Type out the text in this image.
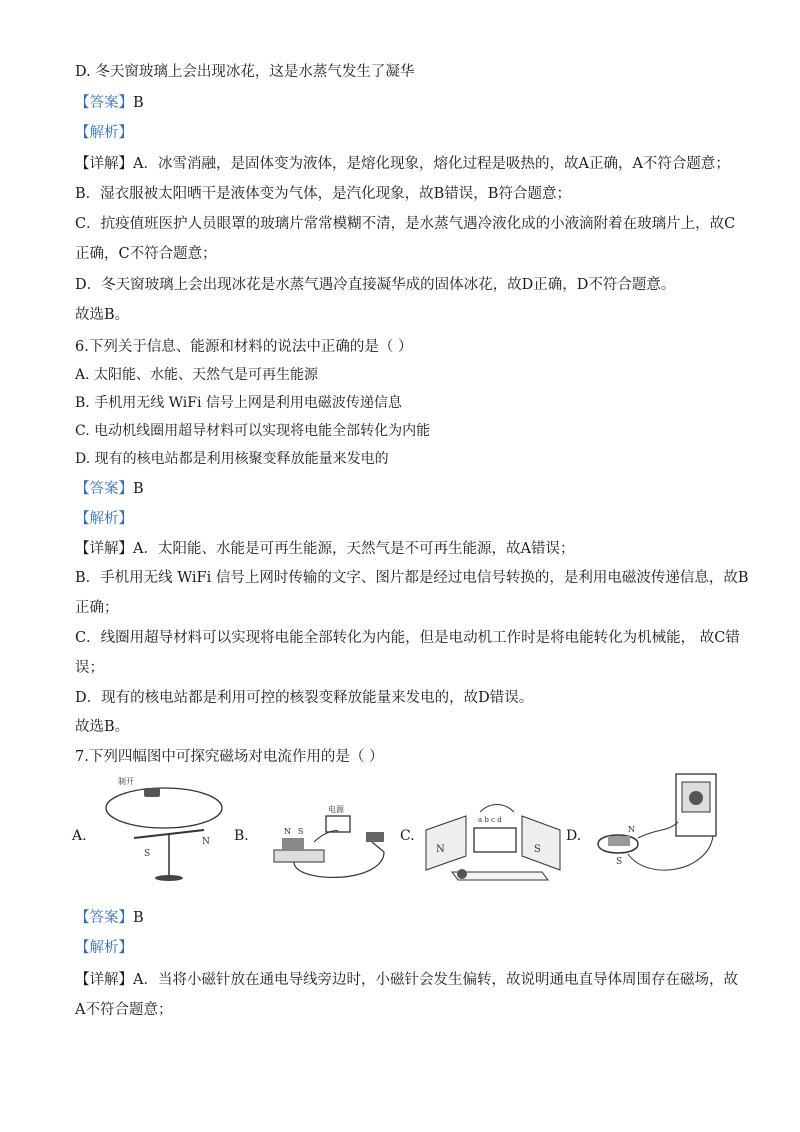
D. 冬天窗玻璃上会出现冰花，这是水蒸气发生了凝华
【答案】B
【解析】
【详解】A．冰雪消融，是固体变为液体，是熔化现象，熔化过程是吸热的，故A正确，A不符合题意；
B．湿衣服被太阳晒干是液体变为气体，是汽化现象，故B错误，B符合题意；
C．抗疫值班医护人员眼罩的玻璃片常常模糊不清，是水蒸气遇冷液化成的小液滴附着在玻璃片上，故C
正确，C不符合题意；
D．冬天窗玻璃上会出现冰花是水蒸气遇冷直接凝华成的固体冰花，故D正确，D不符合题意。
故选B。
6.下列关于信息、能源和材料的说法中正确的是（ ）
A. 太阳能、水能、天然气是可再生能源
B. 手机用无线 WiFi 信号上网是利用电磁波传递信息
C. 电动机线圈用超导材料可以实现将电能全部转化为内能
D. 现有的核电站都是利用核聚变释放能量来发电的
【答案】B
【解析】
【详解】A．太阳能、水能是可再生能源，天然气是不可再生能源，故A错误；
B．手机用无线 WiFi 信号上网时传输的文字、图片都是经过电信号转换的，是利用电磁波传递信息，故B
正确；
C．线圈用超导材料可以实现将电能全部转化为内能，但是电动机工作时是将电能转化为机械能， 故C错
误；
D．现有的核电站都是利用可控的核裂变释放能量来发电的，故D错误。
故选B。
7.下列四幅图中可探究磁场对电流作用的是（ ）
A.
制开
S
N B.
电源
N S	C.
N	S
a b c d
D.
S
N
【答案】B
【解析】
【详解】A．当将小磁针放在通电导线旁边时，小磁针会发生偏转，故说明通电直导体周围存在磁场，故
A不符合题意；
